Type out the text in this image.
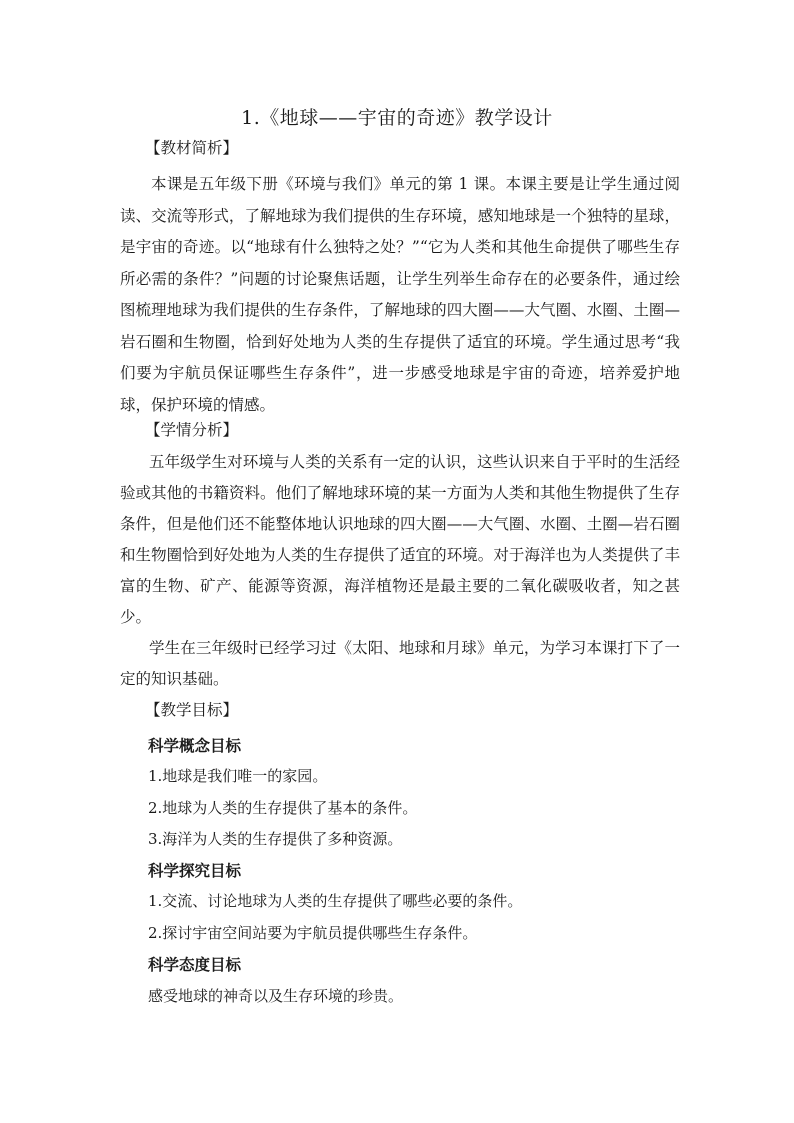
1.《地球——宇宙的奇迹》教学设计
【教材简析】

本课是五年级下册《环境与我们》单元的第 1 课。本课主要是让学生通过阅读、交流等形式，了解地球为我们提供的生存环境，感知地球是一个独特的星球，是宇宙的奇迹。以“地球有什么独特之处？”“它为人类和其他生命提供了哪些生存所必需的条件？”问题的讨论聚焦话题，让学生列举生命存在的必要条件，通过绘图梳理地球为我们提供的生存条件，了解地球的四大圈——大气圈、水圈、土圈—岩石圈和生物圈，恰到好处地为人类的生存提供了适宜的环境。学生通过思考“我们要为宇航员保证哪些生存条件”，进一步感受地球是宇宙的奇迹，培养爱护地球，保护环境的情感。

【学情分析】

五年级学生对环境与人类的关系有一定的认识，这些认识来自于平时的生活经验或其他的书籍资料。他们了解地球环境的某一方面为人类和其他生物提供了生存条件，但是他们还不能整体地认识地球的四大圈——大气圈、水圈、土圈—岩石圈和生物圈恰到好处地为人类的生存提供了适宜的环境。对于海洋也为人类提供了丰富的生物、矿产、能源等资源，海洋植物还是最主要的二氧化碳吸收者，知之甚少。

学生在三年级时已经学习过《太阳、地球和月球》单元，为学习本课打下了一定的知识基础。

【教学目标】
科学概念目标
1.地球是我们唯一的家园。
2.地球为人类的生存提供了基本的条件。
3.海洋为人类的生存提供了多种资源。
科学探究目标
1.交流、讨论地球为人类的生存提供了哪些必要的条件。
2.探讨宇宙空间站要为宇航员提供哪些生存条件。
科学态度目标
感受地球的神奇以及生存环境的珍贵。
